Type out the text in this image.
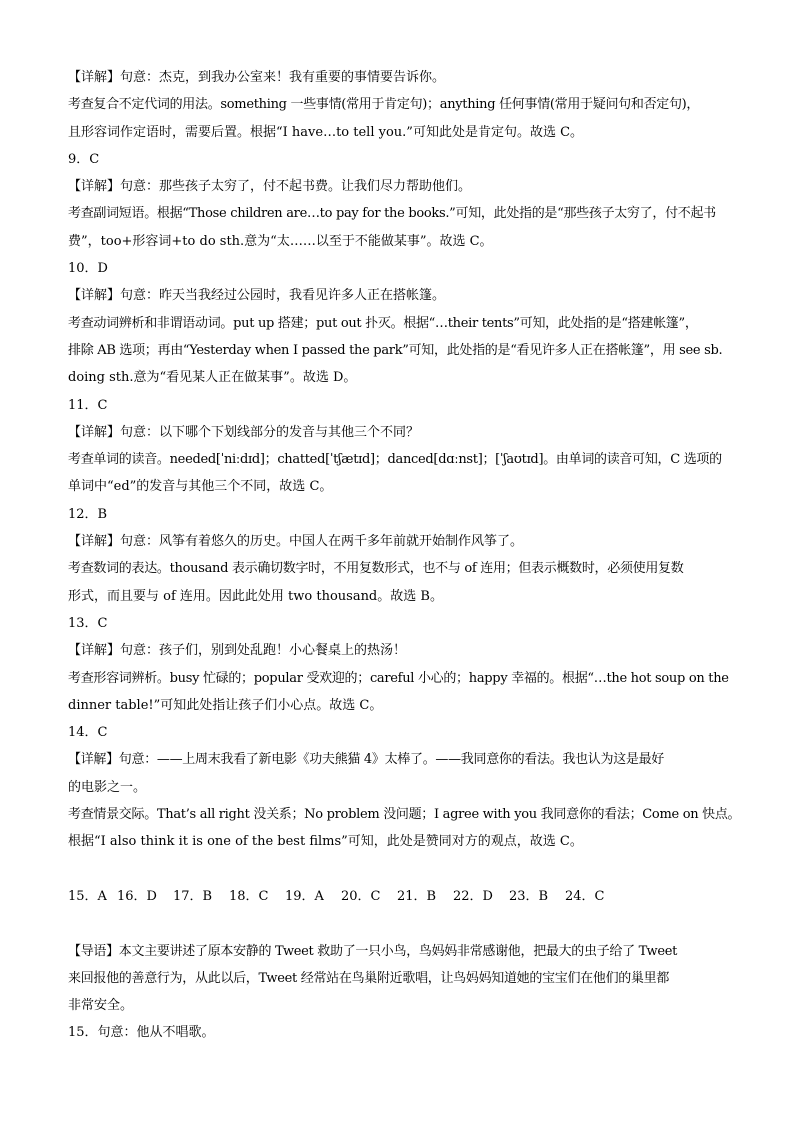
【详解】句意：杰克，到我办公室来！我有重要的事情要告诉你。
考查复合不定代词的用法。something 一些事情(常用于肯定句)；anything 任何事情(常用于疑问句和否定句)，
且形容词作定语时，需要后置。根据“I have…to tell you.”可知此处是肯定句。故选 C。
9．C
【详解】句意：那些孩子太穷了，付不起书费。让我们尽力帮助他们。
考查副词短语。根据“Those children are…to pay for the books.”可知，此处指的是“那些孩子太穷了，付不起书
费”，too+形容词+to do sth.意为“太……以至于不能做某事”。故选 C。
10．D
【详解】句意：昨天当我经过公园时，我看见许多人正在搭帐篷。
考查动词辨析和非谓语动词。put up 搭建；put out 扑灭。根据“…their tents”可知，此处指的是“搭建帐篷”，
排除 AB 选项；再由“Yesterday when I passed the park”可知，此处指的是“看见许多人正在搭帐篷”，用 see sb.
doing sth.意为“看见某人正在做某事”。故选 D。
11．C
【详解】句意：以下哪个下划线部分的发音与其他三个不同？
考查单词的读音。needed[ˈniːdɪd]；chatted[ˈtʃætɪd]；danced[dɑːnst]；[ˈʃaʊtɪd]。由单词的读音可知，C 选项的
单词中“ed”的发音与其他三个不同，故选 C。
12．B
【详解】句意：风筝有着悠久的历史。中国人在两千多年前就开始制作风筝了。
考查数词的表达。thousand 表示确切数字时，不用复数形式，也不与 of 连用；但表示概数时，必须使用复数
形式，而且要与 of 连用。因此此处用 two thousand。故选 B。
13．C
【详解】句意：孩子们，别到处乱跑！小心餐桌上的热汤！
考查形容词辨析。busy 忙碌的；popular 受欢迎的；careful 小心的；happy 幸福的。根据“…the hot soup on the
dinner table!”可知此处指让孩子们小心点。故选 C。
14．C
【详解】句意：——上周末我看了新电影《功夫熊猫 4》太棒了。——我同意你的看法。我也认为这是最好
的电影之一。
考查情景交际。That’s all right 没关系；No problem 没问题；I agree with you 我同意你的看法；Come on 快点。
根据“I also think it is one of the best films”可知，此处是赞同对方的观点，故选 C。
15．A 16．D	17．B	18．C	19．A	20．C	21．B	22．D	23．B	24．C
【导语】本文主要讲述了原本安静的 Tweet 救助了一只小鸟，鸟妈妈非常感谢他，把最大的虫子给了 Tweet
来回报他的善意行为，从此以后，Tweet 经常站在鸟巢附近歌唱，让鸟妈妈知道她的宝宝们在他们的巢里都
非常安全。
15．句意：他从不唱歌。
